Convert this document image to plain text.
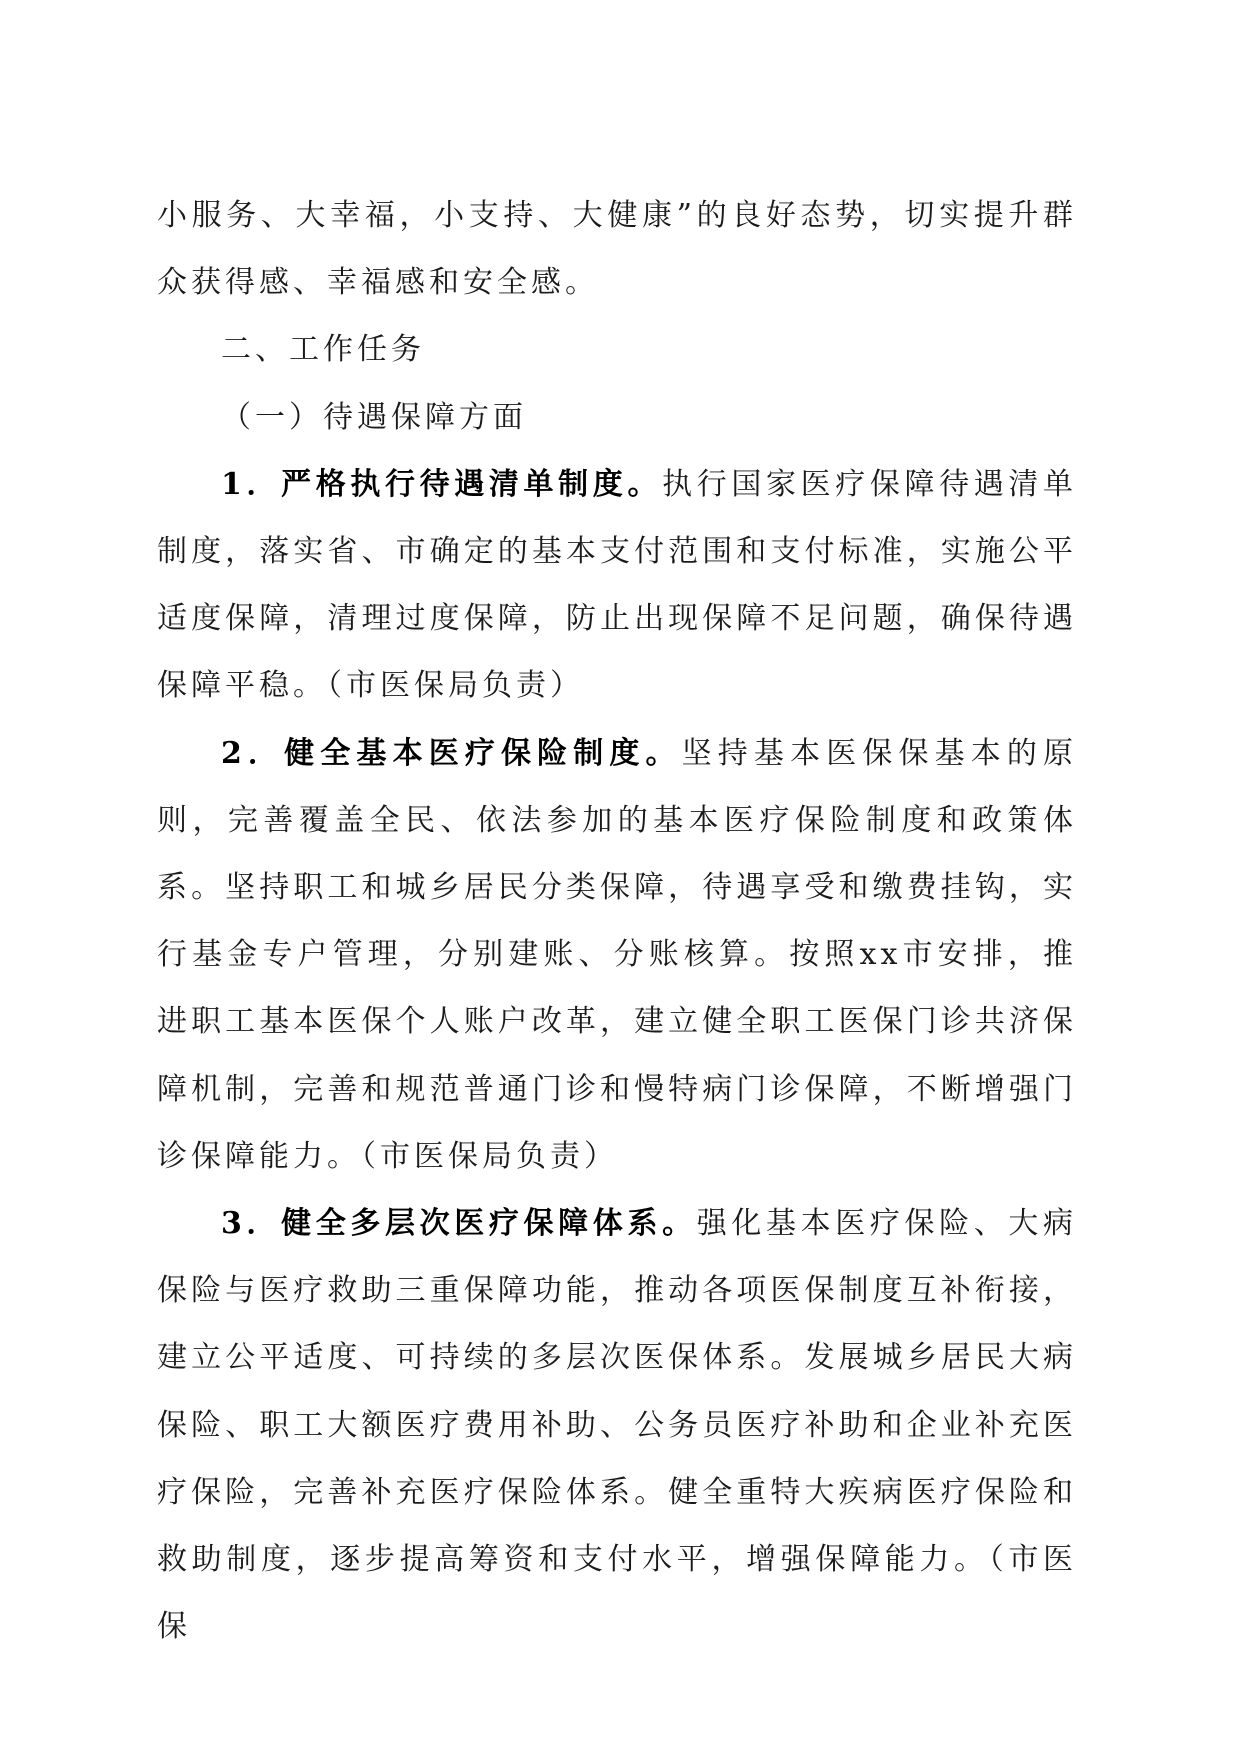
小服务、大幸福，小支持、大健康”的良好态势，切实提升群众获得感、幸福感和安全感。

二、工作任务

（一）待遇保障方面

1．严格执行待遇清单制度。执行国家医疗保障待遇清单制度，落实省、市确定的基本支付范围和支付标准，实施公平适度保障，清理过度保障，防止出现保障不足问题，确保待遇保障平稳。（市医保局负责）

2．健全基本医疗保险制度。坚持基本医保保基本的原则，完善覆盖全民、依法参加的基本医疗保险制度和政策体系。坚持职工和城乡居民分类保障，待遇享受和缴费挂钩，实行基金专户管理，分别建账、分账核算。按照xx市安排，推进职工基本医保个人账户改革，建立健全职工医保门诊共济保障机制，完善和规范普通门诊和慢特病门诊保障，不断增强门诊保障能力。（市医保局负责）

3．健全多层次医疗保障体系。强化基本医疗保险、大病保险与医疗救助三重保障功能，推动各项医保制度互补衔接，建立公平适度、可持续的多层次医保体系。发展城乡居民大病保险、职工大额医疗费用补助、公务员医疗补助和企业补充医疗保险，完善补充医疗保险体系。健全重特大疾病医疗保险和救助制度，逐步提高筹资和支付水平，增强保障能力。（市医保
